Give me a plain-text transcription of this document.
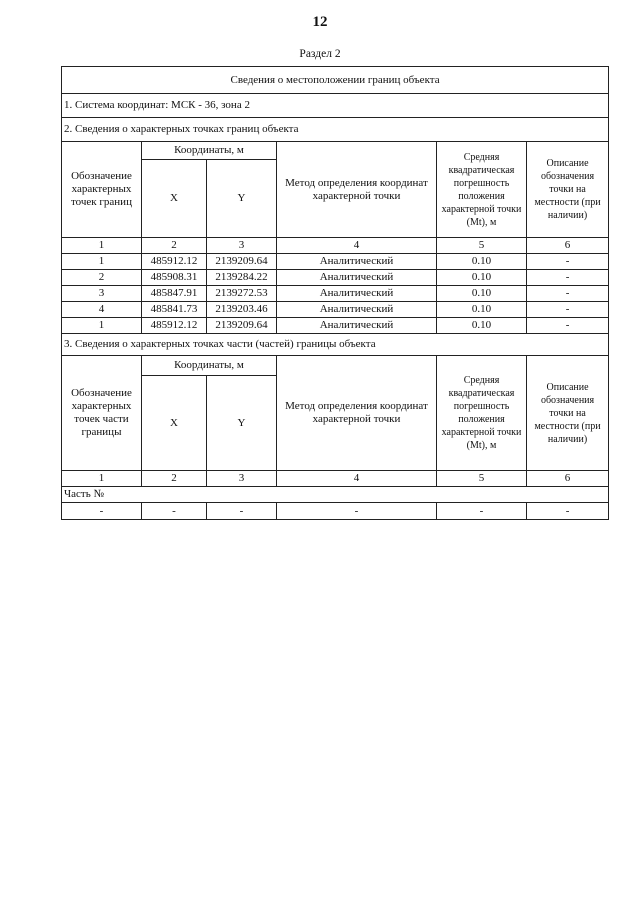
12
Раздел 2
Сведения о местоположении границ объекта					
1. Система координат: МСК - 36, зона 2					
2. Сведения о характерных точках границ объекта					
Обозначение характерных точек границ	Координаты, м		Метод определения координат характерной точки	Средняя квадратическая погрешность положения характерной точки (Mt), м	Описание обозначения точки на местности (при наличии)
	X	Y			
1	2	3	4	5	6
1	485912.12	2139209.64	Аналитический	0.10	-
2	485908.31	2139284.22	Аналитический	0.10	-
3	485847.91	2139272.53	Аналитический	0.10	-
4	485841.73	2139203.46	Аналитический	0.10	-
1	485912.12	2139209.64	Аналитический	0.10	-
3. Сведения о характерных точках части (частей) границы объекта					
Обозначение характерных точек части границы	Координаты, м		Метод определения координат характерной точки	Средняя квадратическая погрешность положения характерной точки (Mt), м	Описание обозначения точки на местности (при наличии)
	X	Y			
1	2	3	4	5	6
Часть №					
-	-	-	-	-	-
